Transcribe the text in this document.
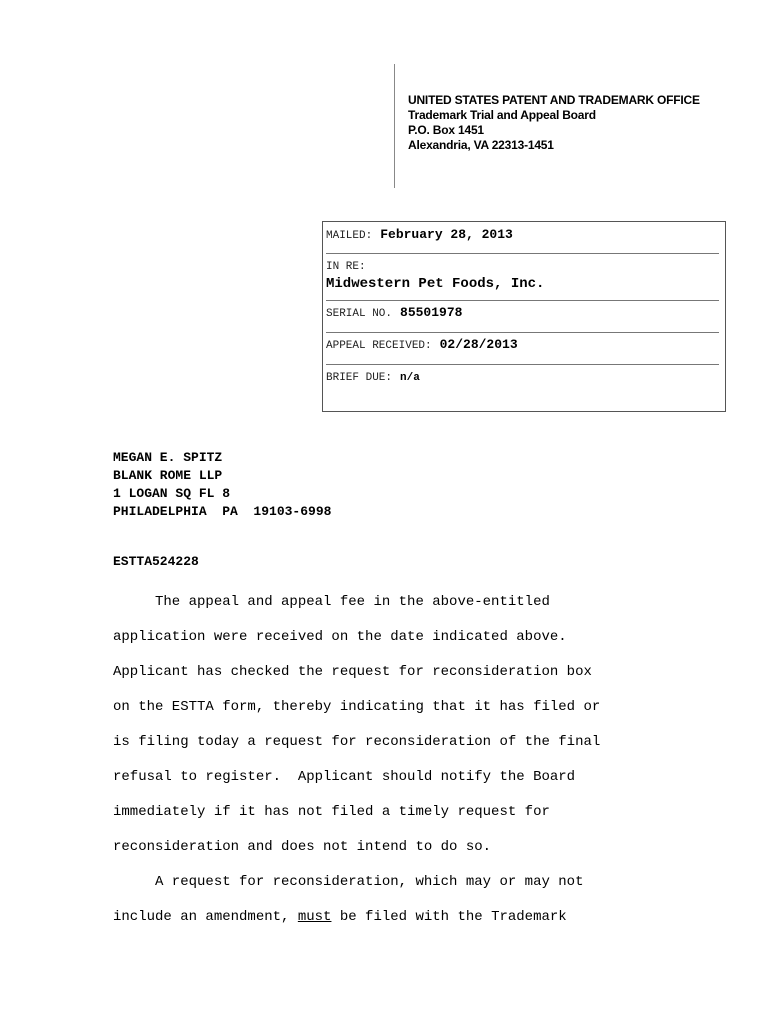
UNITED STATES PATENT AND TRADEMARK OFFICE
Trademark Trial and Appeal Board
P.O. Box 1451
Alexandria, VA 22313-1451
MAILED: February 28, 2013
IN RE:
Midwestern Pet Foods, Inc.
SERIAL NO. 85501978
APPEAL RECEIVED: 02/28/2013
BRIEF DUE: n/a
MEGAN E. SPITZ
BLANK ROME LLP
1 LOGAN SQ FL 8
PHILADELPHIA  PA  19103-6998
ESTTA524228
The appeal and appeal fee in the above-entitled
application were received on the date indicated above.
Applicant has checked the request for reconsideration box
on the ESTTA form, thereby indicating that it has filed or
is filing today a request for reconsideration of the final
refusal to register.  Applicant should notify the Board
immediately if it has not filed a timely request for
reconsideration and does not intend to do so.
A request for reconsideration, which may or may not
include an amendment, must be filed with the Trademark
